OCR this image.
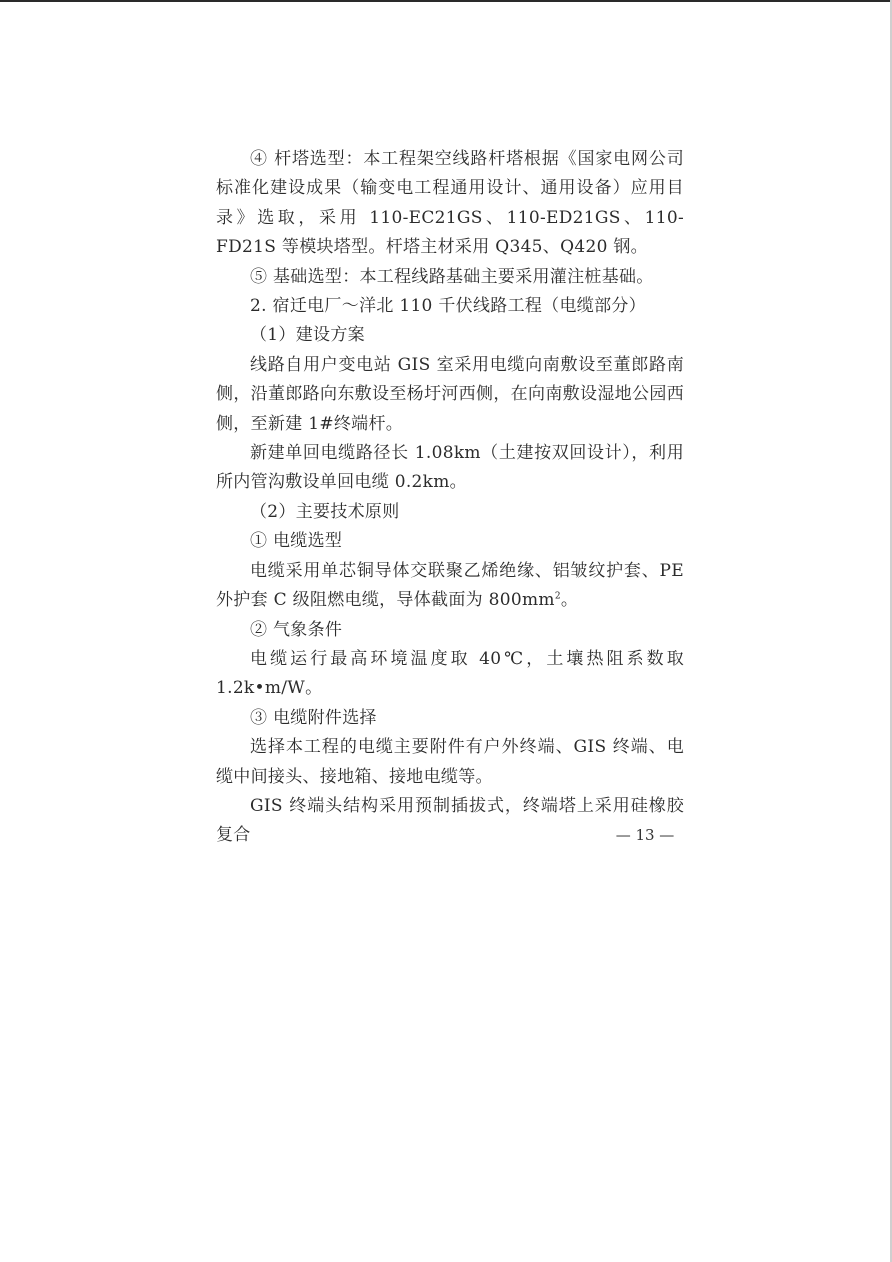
④ 杆塔选型：本工程架空线路杆塔根据《国家电网公司标准化建设成果（输变电工程通用设计、通用设备）应用目录》选取，采用 110-EC21GS、110-ED21GS、110-FD21S 等模块塔型。杆塔主材采用 Q345、Q420 钢。

⑤ 基础选型：本工程线路基础主要采用灌注桩基础。

2. 宿迁电厂～洋北 110 千伏线路工程（电缆部分）

（1）建设方案

线路自用户变电站 GIS 室采用电缆向南敷设至董郎路南侧，沿董郎路向东敷设至杨圩河西侧，在向南敷设湿地公园西侧，至新建 1#终端杆。

新建单回电缆路径长 1.08km（土建按双回设计），利用所内管沟敷设单回电缆 0.2km。

（2）主要技术原则

① 电缆选型

电缆采用单芯铜导体交联聚乙烯绝缘、铝皱纹护套、PE 外护套 C 级阻燃电缆，导体截面为 $800mm^2$。

② 气象条件

电缆运行最高环境温度取 40℃，土壤热阻系数取 1.2k•m/W。

③ 电缆附件选择

选择本工程的电缆主要附件有户外终端、GIS 终端、电缆中间接头、接地箱、接地电缆等。

GIS 终端头结构采用预制插拔式，终端塔上采用硅橡胶复合	— 13 —
